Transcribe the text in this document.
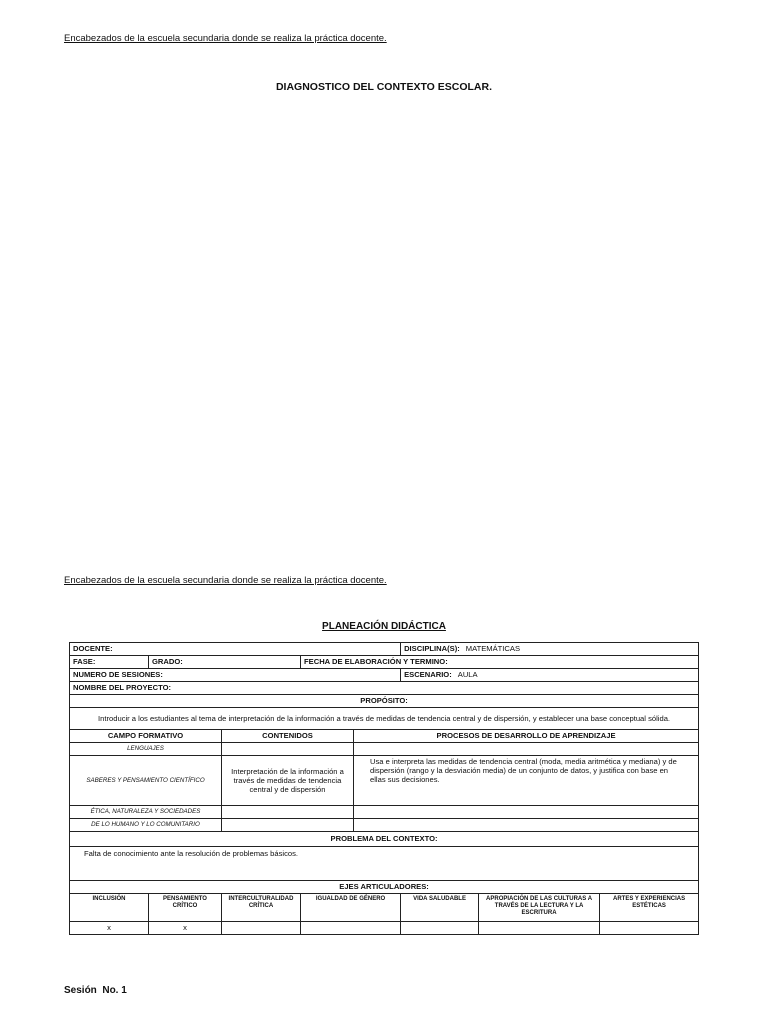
Encabezados de la escuela secundaria donde se realiza la práctica docente.
DIAGNOSTICO DEL CONTEXTO ESCOLAR.
Encabezados de la escuela secundaria donde se realiza la práctica docente.
PLANEACIÓN DIDÁCTICA
DOCENTE:					DISCIPLINA(S): MATEMÁTICAS		
FASE:	GRADO:		FECHA DE ELABORACIÓN Y TERMINO:				
NUMERO DE SESIONES:					ESCENARIO: AULA		
NOMBRE DEL PROYECTO:							
PROPÓSITO:							
Introducir a los estudiantes al tema de interpretación de la información a través de medidas de tendencia central y de dispersión, y establecer una base conceptual sólida.							
CAMPO FORMATIVO		CONTENIDOS		PROCESOS DE DESARROLLO DE APRENDIZAJE			
LENGUAJES							
SABERES Y PENSAMIENTO CIENTÍFICO		Interpretación de la información a través de medidas de tendencia central y de dispersión		Usa e interpreta las medidas de tendencia central (moda, media aritmética y mediana) y de dispersión (rango y la desviación media) de un conjunto de datos, y justifica con base en ellas sus decisiones.			
ÉTICA, NATURALEZA Y SOCIEDADES							
DE LO HUMANO Y LO COMUNITARIO							
PROBLEMA DEL CONTEXTO:							
Falta de conocimiento ante la resolución de problemas básicos.							
EJES ARTICULADORES:							
INCLUSIÓN	PENSAMIENTO CRÍTICO	INTERCULTURALIDAD CRÍTICA	IGUALDAD DE GÉNERO		VIDA SALUDABLE	APROPIACIÓN DE LAS CULTURAS A TRAVÉS DE LA LECTURA Y LA ESCRITURA	ARTES Y EXPERIENCIAS ESTÉTICAS
x	x						
Sesión  No. 1
